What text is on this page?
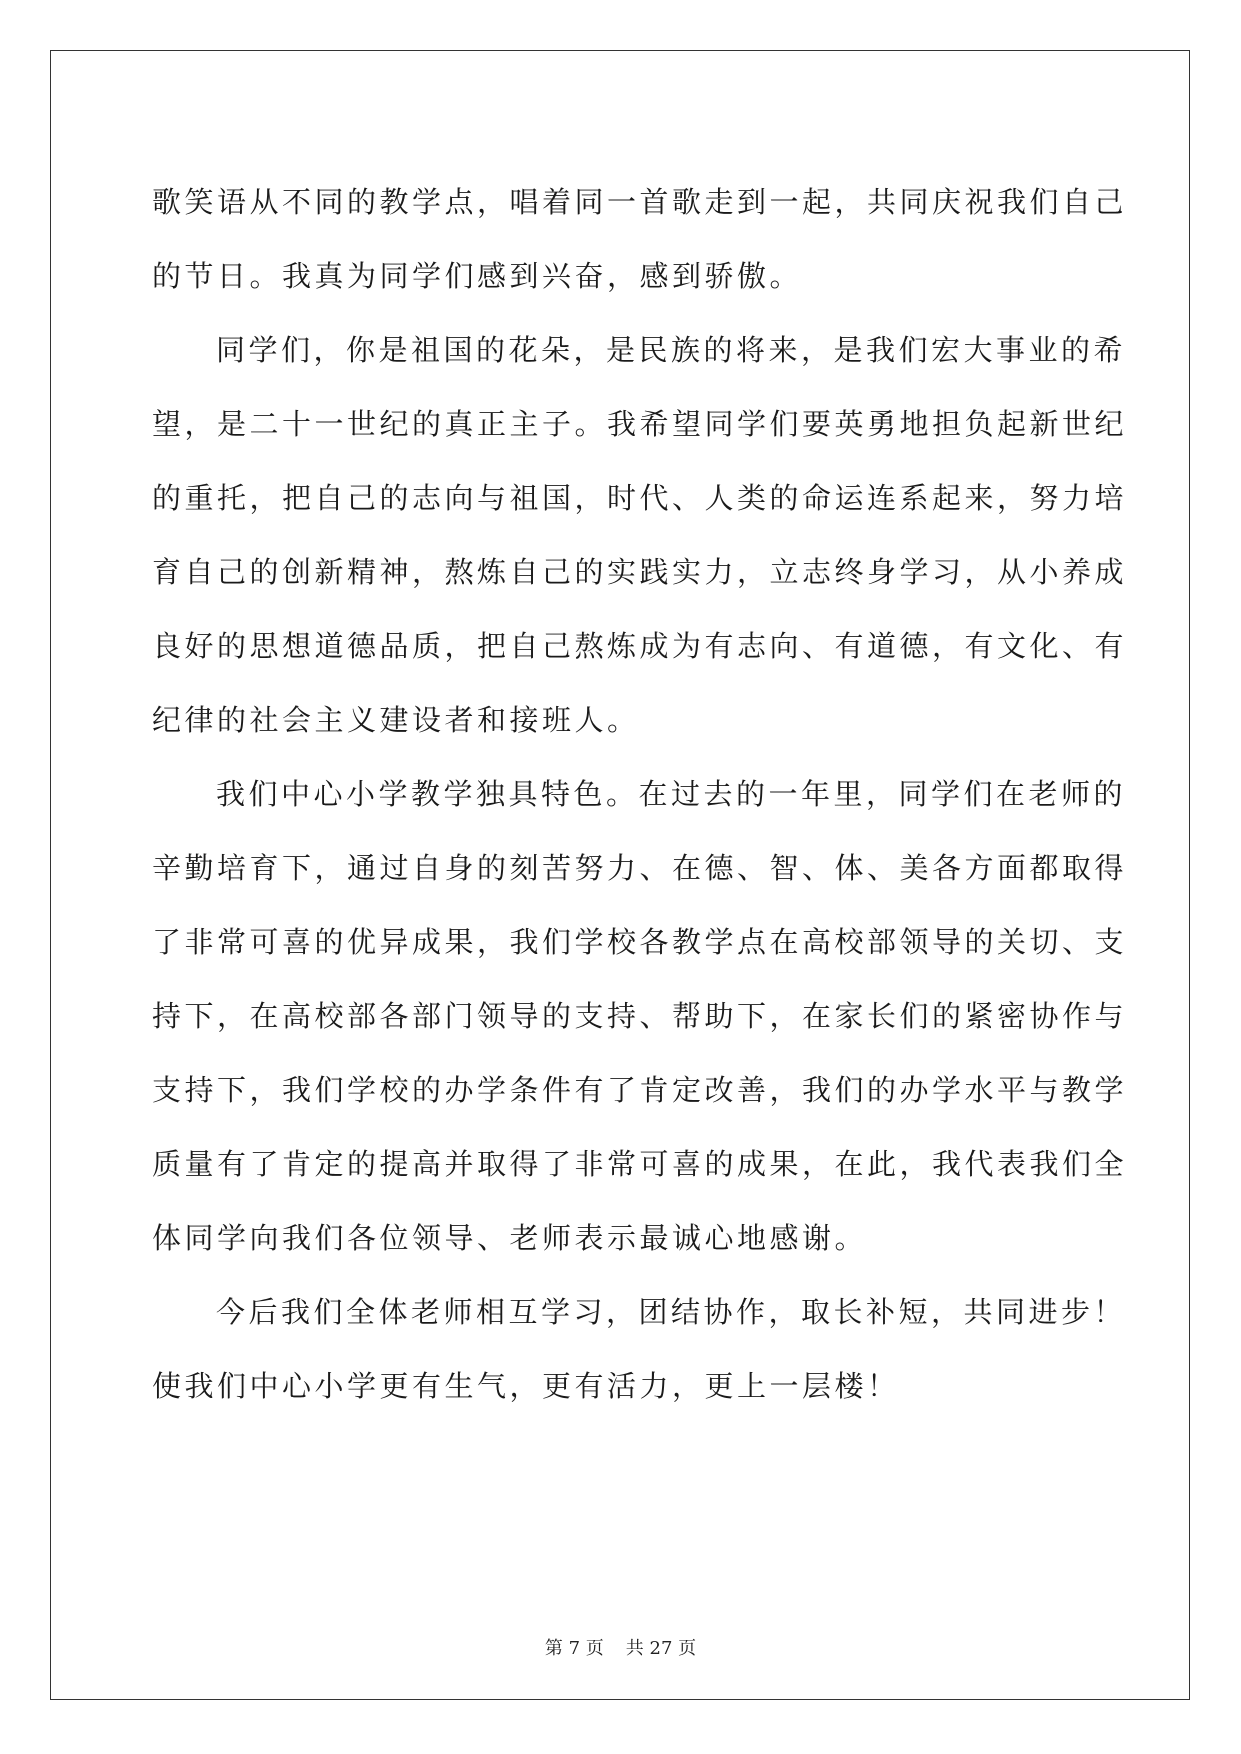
歌笑语从不同的教学点，唱着同一首歌走到一起，共同庆祝我们自己

的节日。我真为同学们感到兴奋，感到骄傲。

同学们，你是祖国的花朵，是民族的将来，是我们宏大事业的希

望，是二十一世纪的真正主子。我希望同学们要英勇地担负起新世纪

的重托，把自己的志向与祖国，时代、人类的命运连系起来，努力培

育自己的创新精神，熬炼自己的实践实力，立志终身学习，从小养成

良好的思想道德品质，把自己熬炼成为有志向、有道德，有文化、有

纪律的社会主义建设者和接班人。

我们中心小学教学独具特色。在过去的一年里，同学们在老师的

辛勤培育下，通过自身的刻苦努力、在德、智、体、美各方面都取得

了非常可喜的优异成果，我们学校各教学点在高校部领导的关切、支

持下，在高校部各部门领导的支持、帮助下，在家长们的紧密协作与

支持下，我们学校的办学条件有了肯定改善，我们的办学水平与教学

质量有了肯定的提高并取得了非常可喜的成果，在此，我代表我们全

体同学向我们各位领导、老师表示最诚心地感谢。

今后我们全体老师相互学习，团结协作，取长补短，共同进步！

使我们中心小学更有生气，更有活力，更上一层楼！

第 7 页 共 27 页
